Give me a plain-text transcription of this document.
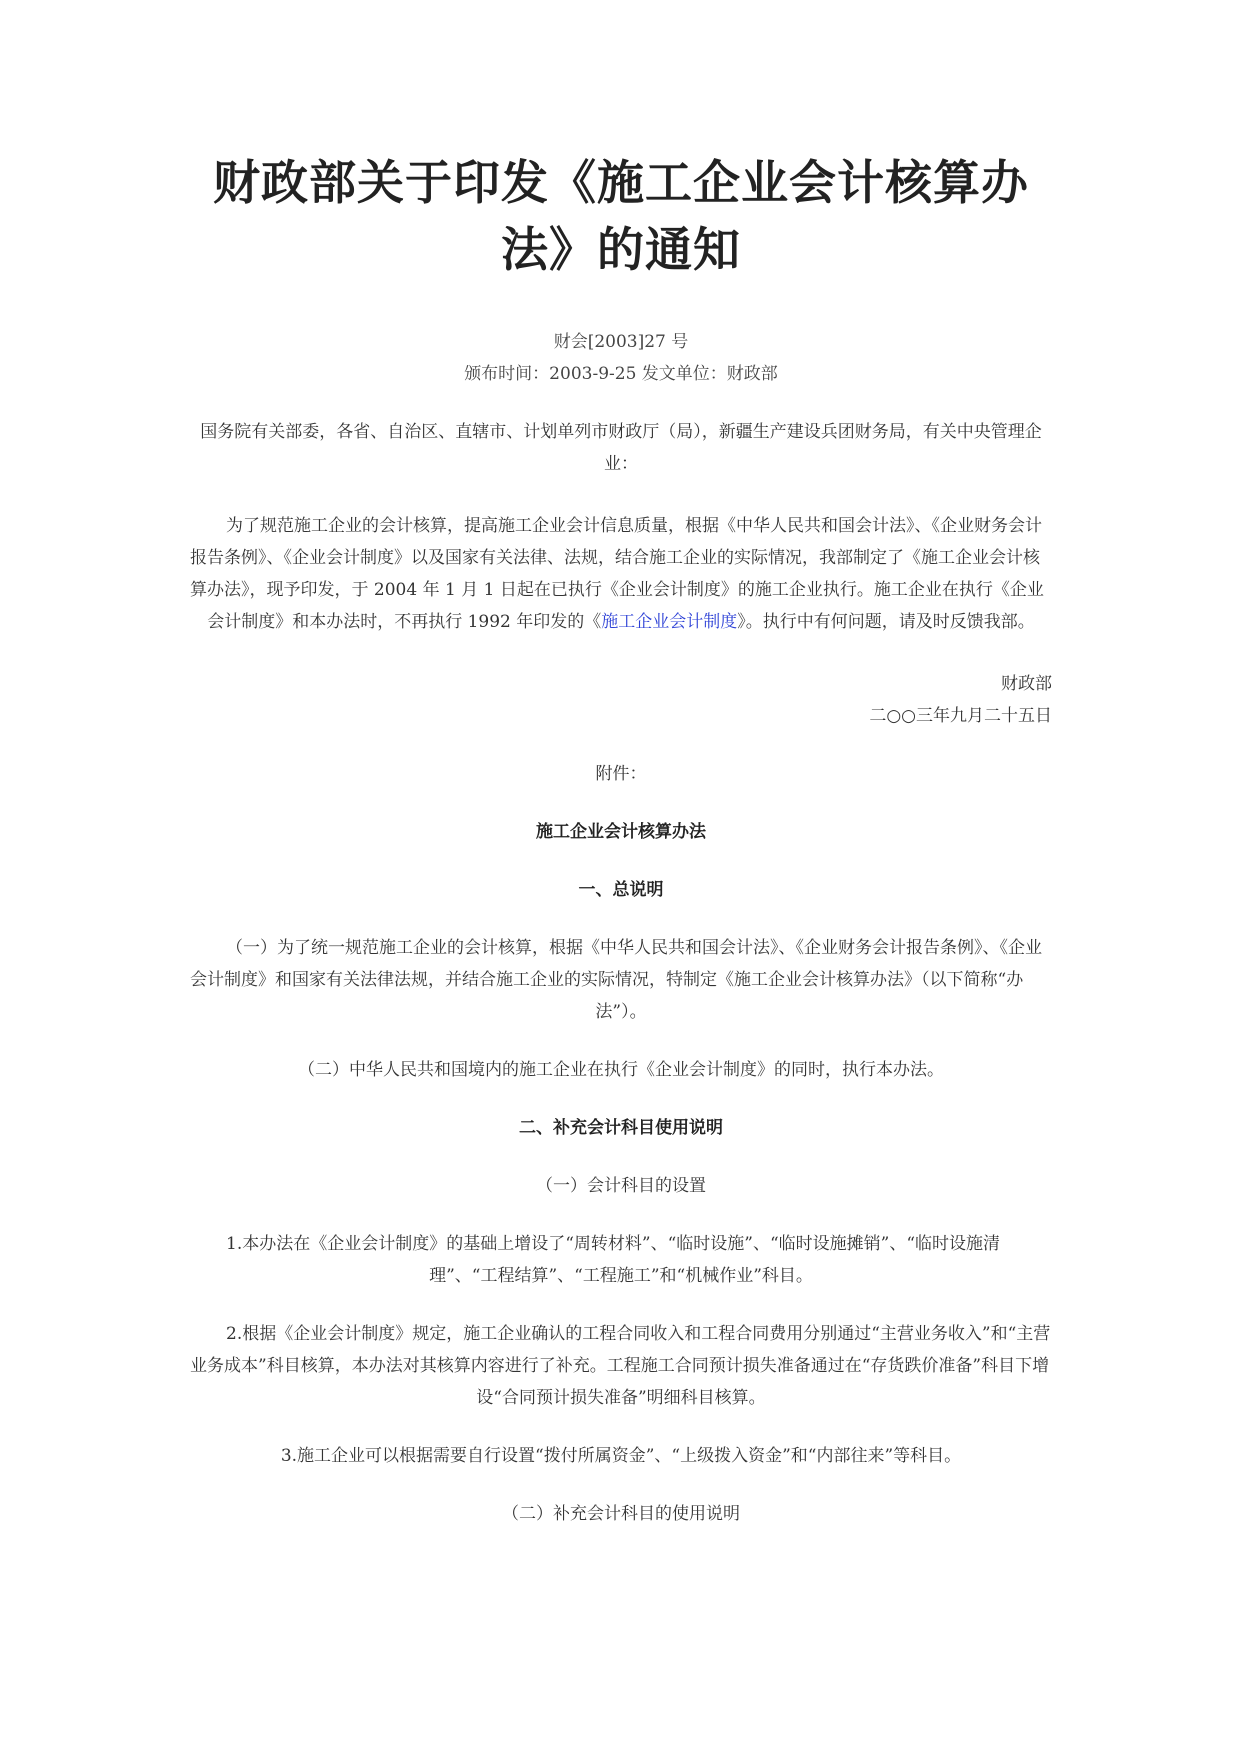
财政部关于印发《施工企业会计核算办法》的通知
财会[2003]27 号
颁布时间：2003-9-25 发文单位：财政部

国务院有关部委，各省、自治区、直辖市、计划单列市财政厅（局），新疆生产建设兵团财务局，有关中央管理企业：

为了规范施工企业的会计核算，提高施工企业会计信息质量，根据《中华人民共和国会计法》、《企业财务会计报告条例》、《企业会计制度》以及国家有关法律、法规，结合施工企业的实际情况，我部制定了《施工企业会计核算办法》，现予印发，于 2004 年 1 月 1 日起在已执行《企业会计制度》的施工企业执行。施工企业在执行《企业会计制度》和本办法时，不再执行 1992 年印发的《施工企业会计制度》。执行中有何问题，请及时反馈我部。

财政部

二○○三年九月二十五日

附件：

施工企业会计核算办法

一、总说明

（一）为了统一规范施工企业的会计核算，根据《中华人民共和国会计法》、《企业财务会计报告条例》、《企业会计制度》和国家有关法律法规，并结合施工企业的实际情况，特制定《施工企业会计核算办法》（以下简称“办法”）。

（二）中华人民共和国境内的施工企业在执行《企业会计制度》的同时，执行本办法。

二、补充会计科目使用说明

（一）会计科目的设置

1.本办法在《企业会计制度》的基础上增设了“周转材料”、“临时设施”、“临时设施摊销”、“临时设施清理”、“工程结算”、“工程施工”和“机械作业”科目。

2.根据《企业会计制度》规定，施工企业确认的工程合同收入和工程合同费用分别通过“主营业务收入”和“主营业务成本”科目核算，本办法对其核算内容进行了补充。工程施工合同预计损失准备通过在“存货跌价准备”科目下增设“合同预计损失准备”明细科目核算。

3.施工企业可以根据需要自行设置“拨付所属资金”、“上级拨入资金”和“内部往来”等科目。

（二）补充会计科目的使用说明
